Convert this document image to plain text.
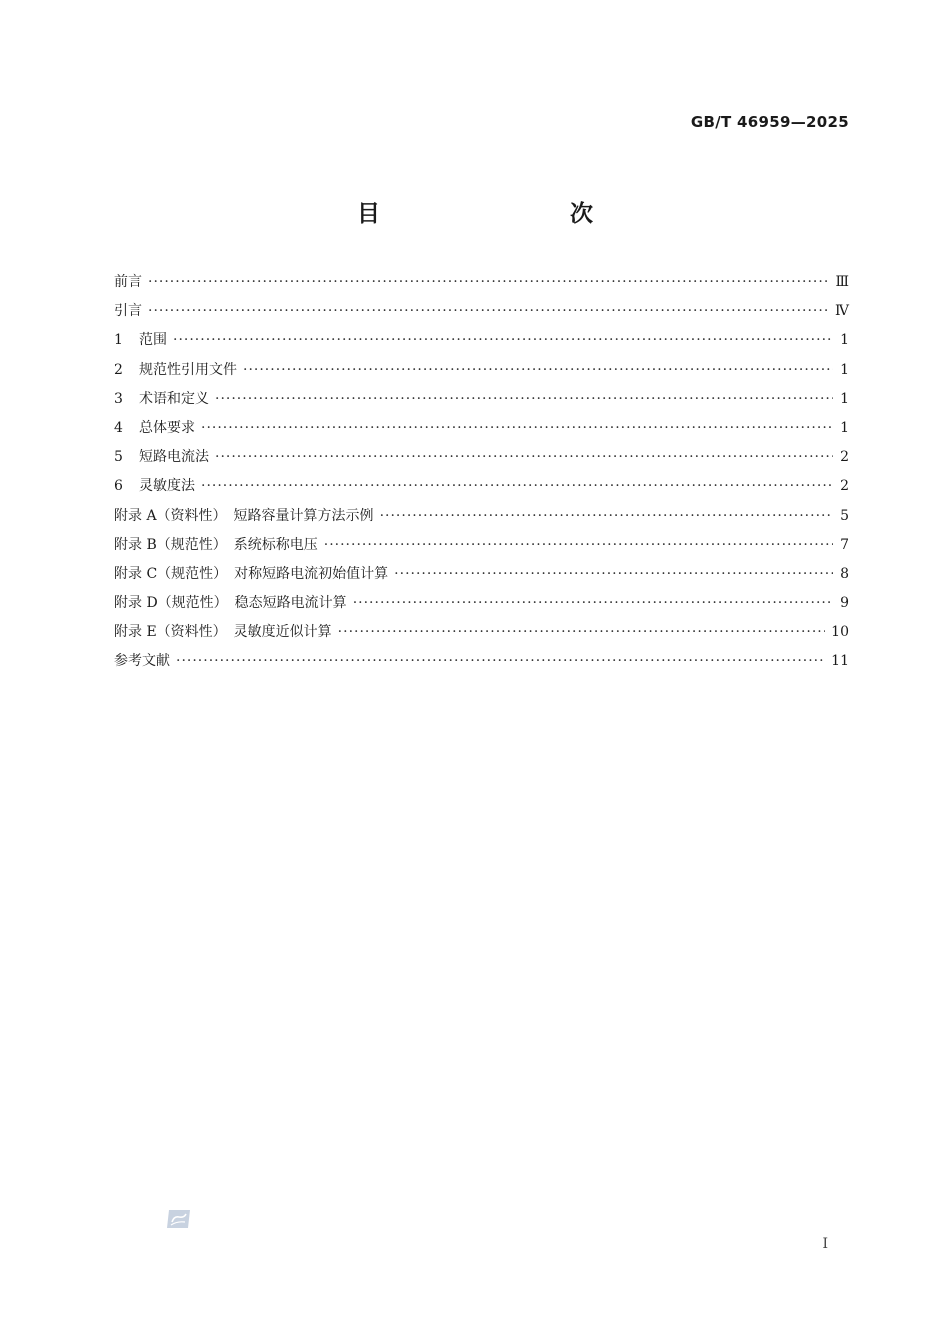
GB/T 46959—2025
目　　次
前言 ·····	Ⅲ
引言 ·····	Ⅳ
1 范围 ·····	1
2 规范性引用文件 ·····	1
3 术语和定义 ·····	1
4 总体要求 ·····	1
5 短路电流法 ·····	2
6 灵敏度法 ·····	2
附录 A（资料性）　短路容量计算方法示例 ·····	5
附录 B（规范性）　系统标称电压 ·····	7
附录 C（规范性）　对称短路电流初始值计算 ·····	8
附录 D（规范性）　稳态短路电流计算 ·····	9
附录 E（资料性）　灵敏度近似计算 ·····	10
参考文献 ·····	11
Ⅰ
